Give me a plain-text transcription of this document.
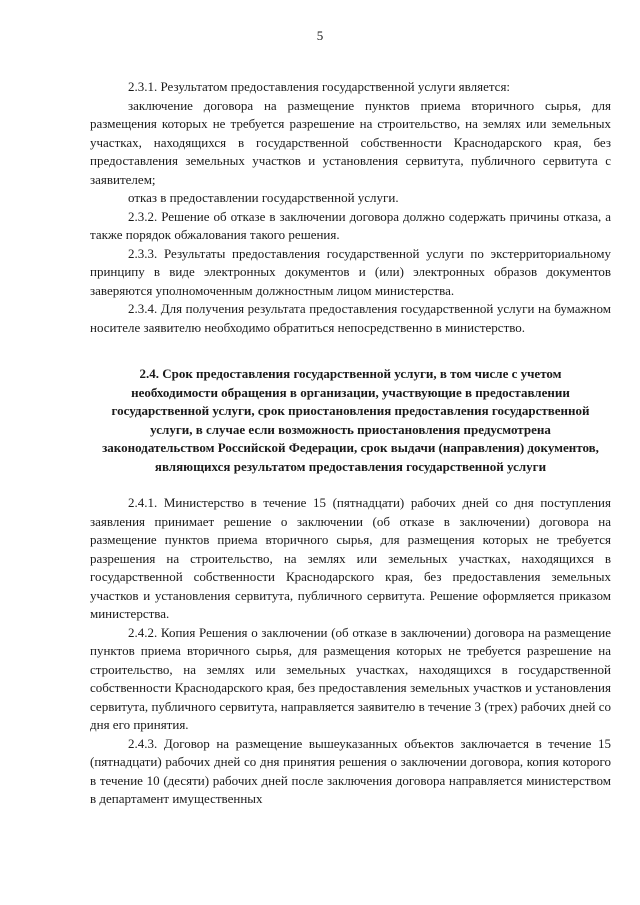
5

2.3.1. Результатом предоставления государственной услуги является:

заключение договора на размещение пунктов приема вторичного сырья, для размещения которых не требуется разрешение на строительство, на землях или земельных участках, находящихся в государственной собственности Краснодарского края, без предоставления земельных участков и установления сервитута, публичного сервитута с заявителем;

отказ в предоставлении государственной услуги.

2.3.2. Решение об отказе в заключении договора должно содержать причины отказа, а также порядок обжалования такого решения.

2.3.3. Результаты предоставления государственной услуги по экстерриториальному принципу в виде электронных документов и (или) электронных образов документов заверяются уполномоченным должностным лицом министерства.

2.3.4. Для получения результата предоставления государственной услуги на бумажном носителе заявителю необходимо обратиться непосредственно в министерство.

2.4. Срок предоставления государственной услуги, в том числе с учетом необходимости обращения в организации, участвующие в предоставлении государственной услуги, срок приостановления предоставления государственной услуги, в случае если возможность приостановления предусмотрена законодательством Российской Федерации, срок выдачи (направления) документов, являющихся результатом предоставления государственной услуги

2.4.1. Министерство в течение 15 (пятнадцати) рабочих дней со дня поступления заявления принимает решение о заключении (об отказе в заключении) договора на размещение пунктов приема вторичного сырья, для размещения которых не требуется разрешения на строительство, на землях или земельных участках, находящихся в государственной собственности Краснодарского края, без предоставления земельных участков и установления сервитута, публичного сервитута. Решение оформляется приказом министерства.

2.4.2. Копия Решения о заключении (об отказе в заключении) договора на размещение пунктов приема вторичного сырья, для размещения которых не требуется разрешение на строительство, на землях или земельных участках, находящихся в государственной собственности Краснодарского края, без предоставления земельных участков и установления сервитута, публичного сервитута, направляется заявителю в течение 3 (трех) рабочих дней со дня его принятия.

2.4.3. Договор на размещение вышеуказанных объектов заключается в течение 15 (пятнадцати) рабочих дней со дня принятия решения о заключении договора, копия которого в течение 10 (десяти) рабочих дней после заключения договора направляется министерством в департамент имущественных
